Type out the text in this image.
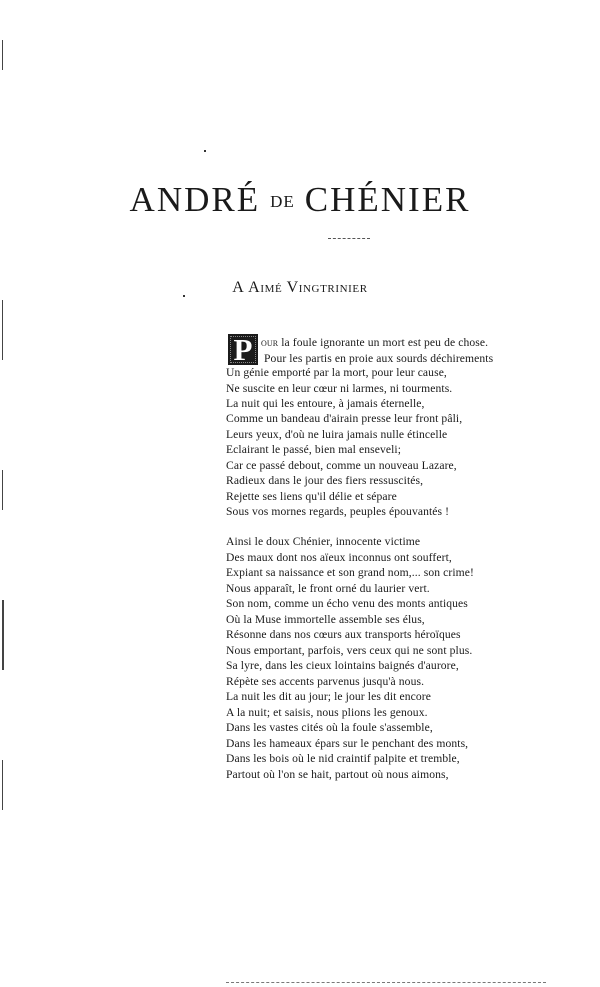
ANDRÉ DE CHÉNIER
A Aimé Vingtrinier
P our la foule ignorante un mort est peu de chose.
Pour les partis en proie aux sourds déchirements
Un génie emporté par la mort, pour leur cause,
Ne suscite en leur cœur ni larmes, ni tourments.
La nuit qui les entoure, à jamais éternelle,
Comme un bandeau d'airain presse leur front pâli,
Leurs yeux, d'où ne luira jamais nulle étincelle
Eclairant le passé, bien mal enseveli;
Car ce passé debout, comme un nouveau Lazare,
Radieux dans le jour des fiers ressuscités,
Rejette ses liens qu'il délie et sépare
Sous vos mornes regards, peuples épouvantés !
Ainsi le doux Chénier, innocente victime
Des maux dont nos aïeux inconnus ont souffert,
Expiant sa naissance et son grand nom,... son crime!
Nous apparaît, le front orné du laurier vert.
Son nom, comme un écho venu des monts antiques
Où la Muse immortelle assemble ses élus,
Résonne dans nos cœurs aux transports héroïques
Nous emportant, parfois, vers ceux qui ne sont plus.
Sa lyre, dans les cieux lointains baignés d'aurore,
Répète ses accents parvenus jusqu'à nous.
La nuit les dit au jour; le jour les dit encore
A la nuit; et saisis, nous plions les genoux.
Dans les vastes cités où la foule s'assemble,
Dans les hameaux épars sur le penchant des monts,
Dans les bois où le nid craintif palpite et tremble,
Partout où l'on se hait, partout où nous aimons,
